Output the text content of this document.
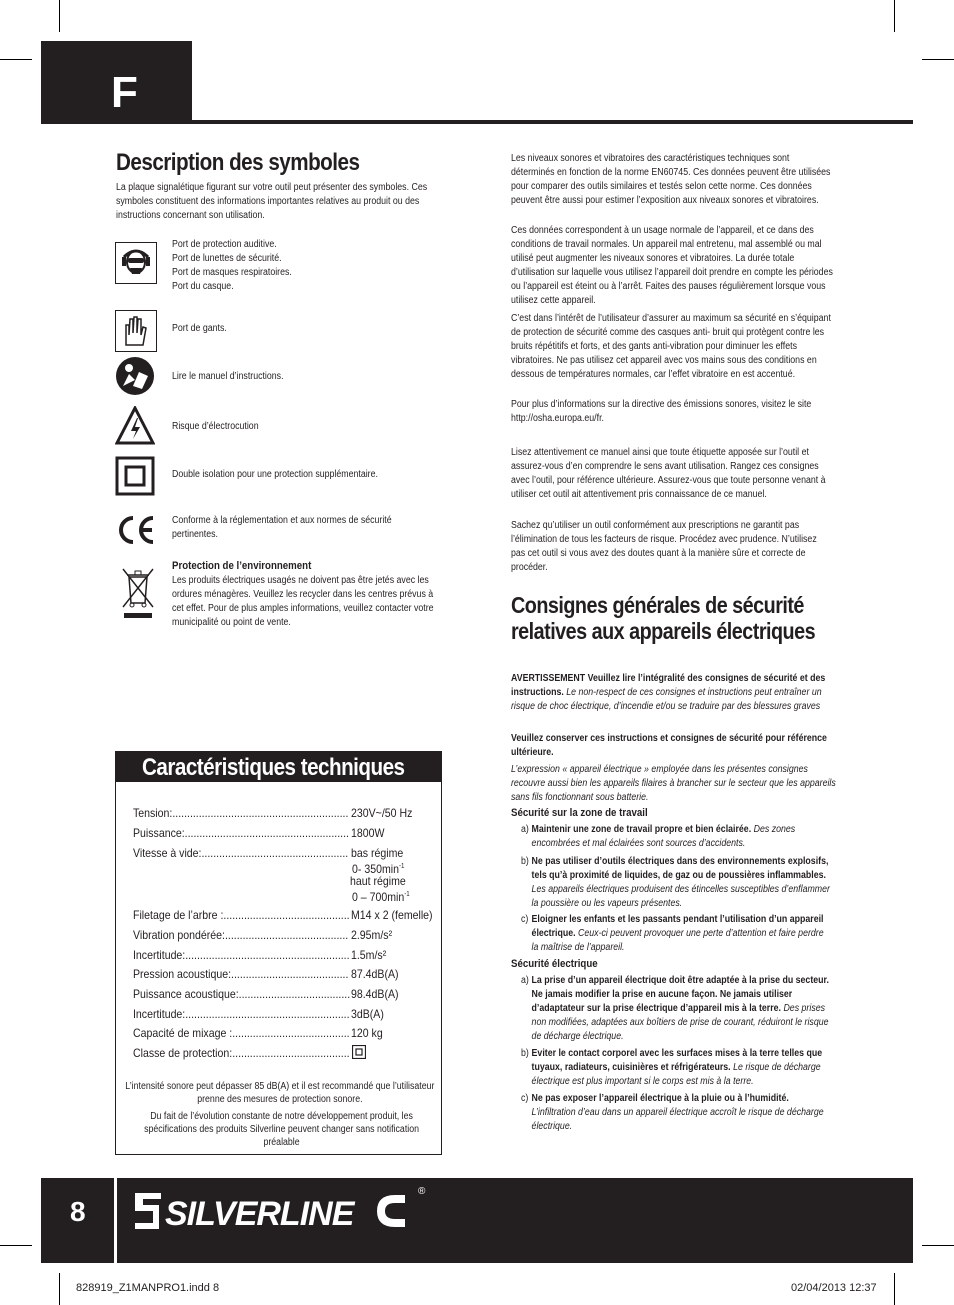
F
Description des symboles
La plaque signalétique figurant sur votre outil peut présenter des symboles. Ces symboles constituent des informations importantes relatives au produit ou des instructions concernant son utilisation.
Port de protection auditive.
Port de lunettes de sécurité.
Port de masques respiratoires.
Port du casque.
Port de gants.
Lire le manuel d’instructions.
Risque d’électrocution
Double isolation pour une protection supplémentaire.
Conforme à la réglementation et aux normes de sécurité pertinentes.
Protection de l’environnement
Les produits électriques usagés ne doivent pas être jetés avec les ordures ménagères. Veuillez les recycler dans les centres prévus à cet effet. Pour de plus amples informations, veuillez contacter votre municipalité ou point de vente.
Caractéristiques techniques
Tension:............................................................ 230V~/50 Hz
Puissance:........................................................ 1800W
Vitesse à vide:.................................................. bas régime
Filetage de l’arbre :........................................... M14 x 2 (femelle)
Vibration pondérée:.......................................... 2.95m/s²
Incertitude:........................................................ 1.5m/s²
Pression acoustique:........................................ 87.4dB(A)
Puissance acoustique:...................................... 98.4dB(A)
Incertitude:........................................................ 3dB(A)
Capacité de mixage :........................................ 120 kg
Classe de protection:........................................
0- $350\min^{-1}$
haut régime
$0 - 700\min^{-1}$
L’intensité sonore peut dépasser 85 dB(A) et il est recommandé que l’utilisateur prenne des mesures de protection sonore.
Du fait de l’évolution constante de notre développement produit, les spécifications des produits Silverline peuvent changer sans notification préalable
Les niveaux sonores et vibratoires des caractéristiques techniques sont déterminés en fonction de la norme EN60745. Ces données peuvent être utilisées pour comparer des outils similaires et testés selon cette norme. Ces données peuvent être aussi pour estimer l’exposition aux niveaux sonores et vibratoires.
Ces données correspondent à un usage normale de l’appareil, et ce dans des conditions de travail normales. Un appareil mal entretenu, mal assemblé ou mal utilisé peut augmenter les niveaux sonores et vibratoires. La durée totale d’utilisation sur laquelle vous utilisez l’appareil doit prendre en compte les périodes ou l’appareil est éteint ou à l’arrêt. Faites des pauses régulièrement lorsque vous utilisez cette appareil.
C’est dans l’intérêt de l’utilisateur d’assurer au maximum sa sécurité en s’équipant de protection de sécurité comme des casques anti- bruit qui protègent contre les bruits répétitifs et forts, et des gants anti-vibration pour diminuer les effets vibratoires. Ne pas utilisez cet appareil avec vos mains sous des conditions en dessous de températures normales, car l’effet vibratoire en est accentué.
Pour plus d’informations sur la directive des émissions sonores, visitez le site http://osha.europa.eu/fr.
Lisez attentivement ce manuel ainsi que toute étiquette apposée sur l’outil et assurez-vous d’en comprendre le sens avant utilisation. Rangez ces consignes avec l’outil, pour référence ultérieure. Assurez-vous que toute personne venant à utiliser cet outil ait attentivement pris connaissance de ce manuel.
Sachez qu’utiliser un outil conformément aux prescriptions ne garantit pas l’élimination de tous les facteurs de risque. Procédez avec prudence. N’utilisez pas cet outil si vous avez des doutes quant à la manière sûre et correcte de procéder.
Consignes générales de sécurité relatives aux appareils électriques
AVERTISSEMENT Veuillez lire l’intégralité des consignes de sécurité et des instructions. Le non-respect de ces consignes et instructions peut entraîner un risque de choc électrique, d’incendie et/ou se traduire par des blessures graves
Veuillez conserver ces instructions et consignes de sécurité pour référence ultérieure.
L’expression « appareil électrique » employée dans les présentes consignes recouvre aussi bien les appareils filaires à brancher sur le secteur que les appareils sans fils fonctionnant sous batterie.
Sécurité sur la zone de travail
a) Maintenir une zone de travail propre et bien éclairée. Des zones encombrées et mal éclairées sont sources d’accidents.
b) Ne pas utiliser d’outils électriques dans des environnements explosifs, tels qu’à proximité de liquides, de gaz ou de poussières inflammables. Les appareils électriques produisent des étincelles susceptibles d’enflammer la poussière ou les vapeurs présentes.
c) Eloigner les enfants et les passants pendant l’utilisation d’un appareil électrique. Ceux-ci peuvent provoquer une perte d’attention et faire perdre la maîtrise de l’appareil.
Sécurité électrique
a) La prise d’un appareil électrique doit être adaptée à la prise du secteur. Ne jamais modifier la prise en aucune façon. Ne jamais utiliser d’adaptateur sur la prise électrique d’appareil mis à la terre. Des prises non modifiées, adaptées aux boîtiers de prise de courant, réduiront le risque de décharge électrique.
b) Eviter le contact corporel avec les surfaces mises à la terre telles que tuyaux, radiateurs, cuisinières et réfrigérateurs. Le risque de décharge électrique est plus important si le corps est mis à la terre.
c) Ne pas exposer l’appareil électrique à la pluie ou à l’humidité. L’infiltration d’eau dans un appareil électrique accroît le risque de décharge électrique.
8 SILVERLINE
®
828919_Z1MANPRO1.indd 8	02/04/2013 12:37
